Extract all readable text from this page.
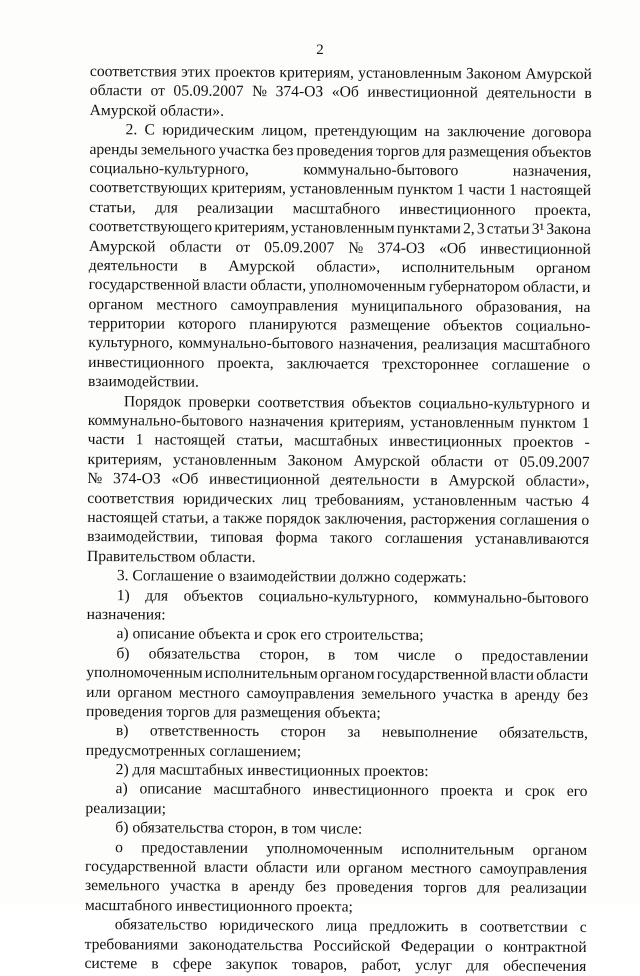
2
соответствия этих проектов критериям, установленным Законом Амурской
области от 05.09.2007 № 374-ОЗ «Об инвестиционной деятельности в
Амурской области».
2. С юридическим лицом, претендующим на заключение договора
аренды земельного участка без проведения торгов для размещения объектов
социально-культурного,	коммунально-бытового	назначения,
соответствующих критериям, установленным пунктом 1 части 1 настоящей
статьи, для реализации масштабного инвестиционного проекта,
соответствующего критериям, установленным пунктами 2, 3 статьи 3¹ Закона
Амурской области от 05.09.2007 № 374-ОЗ «Об инвестиционной
деятельности в Амурской области», исполнительным органом
государственной власти области, уполномоченным губернатором области, и
органом местного самоуправления муниципального образования, на
территории которого планируются размещение объектов социально-
культурного, коммунально-бытового назначения, реализация масштабного
инвестиционного проекта, заключается трехстороннее соглашение о
взаимодействии.
Порядок проверки соответствия объектов социально-культурного и
коммунально-бытового назначения критериям, установленным пунктом 1
части 1 настоящей статьи, масштабных инвестиционных проектов -
критериям, установленным Законом Амурской области от 05.09.2007
№ 374-ОЗ «Об инвестиционной деятельности в Амурской области»,
соответствия юридических лиц требованиям, установленным частью 4
настоящей статьи, а также порядок заключения, расторжения соглашения о
взаимодействии, типовая форма такого соглашения устанавливаются
Правительством области.
3. Соглашение о взаимодействии должно содержать:
1) для объектов социально-культурного, коммунально-бытового
назначения:
а) описание объекта и срок его строительства;
б) обязательства сторон, в том числе о предоставлении
уполномоченным исполнительным органом государственной власти области
или органом местного самоуправления земельного участка в аренду без
проведения торгов для размещения объекта;
в) ответственность сторон за невыполнение обязательств,
предусмотренных соглашением;
2) для масштабных инвестиционных проектов:
а) описание масштабного инвестиционного проекта и срок его
реализации;
б) обязательства сторон, в том числе:
о предоставлении уполномоченным исполнительным органом
государственной власти области или органом местного самоуправления
земельного участка в аренду без проведения торгов для реализации
масштабного инвестиционного проекта;
обязательство юридического лица предложить в соответствии с
требованиями законодательства Российской Федерации о контрактной
системе в сфере закупок товаров, работ, услуг для обеспечения
